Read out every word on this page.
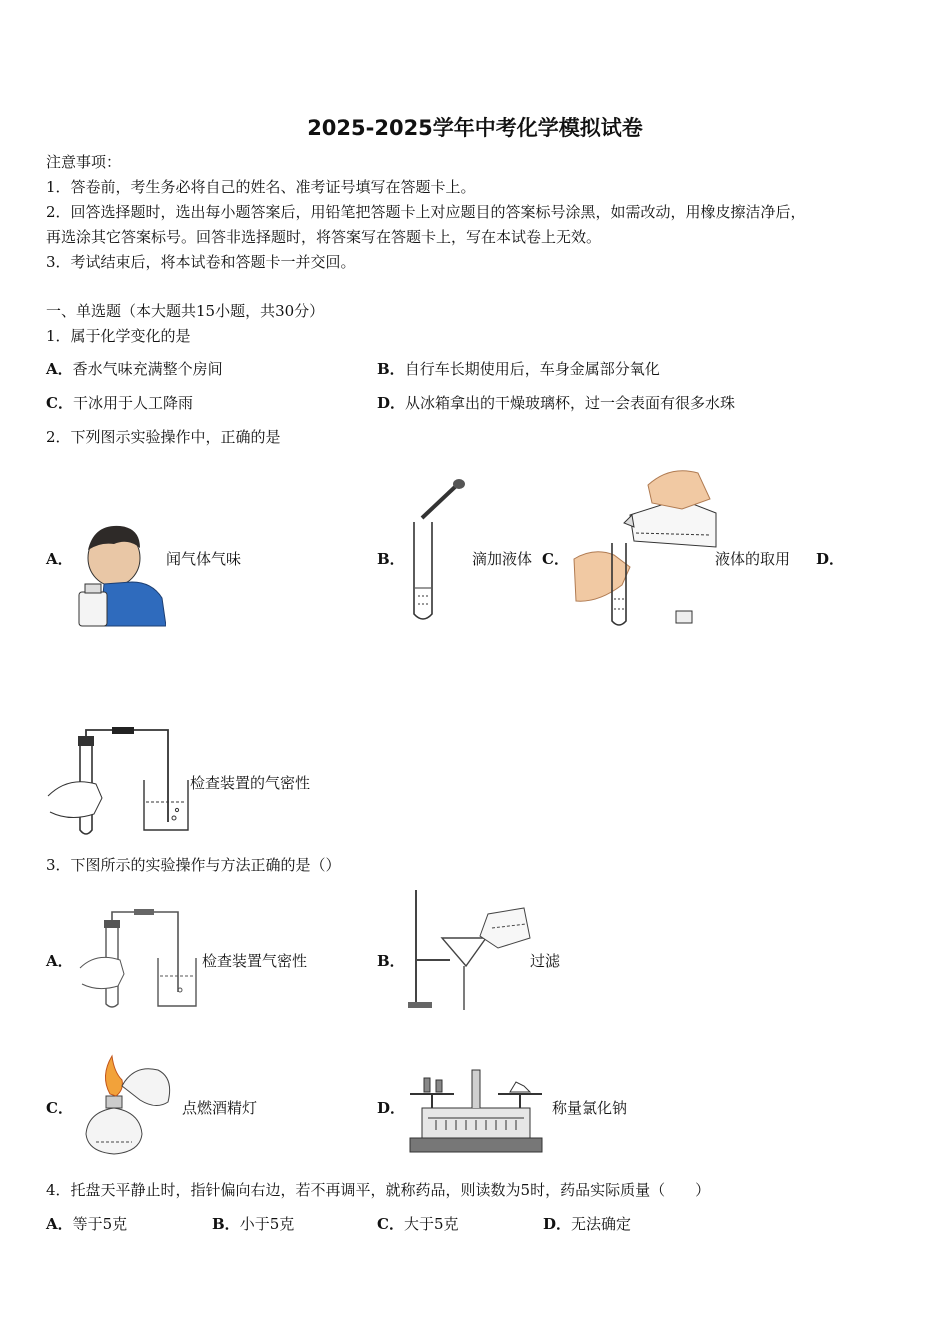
2025-2025学年中考化学模拟试卷
注意事项：
1．答卷前，考生务必将自己的姓名、准考证号填写在答题卡上。
2．回答选择题时，选出每小题答案后，用铅笔把答题卡上对应题目的答案标号涂黑，如需改动，用橡皮擦洁净后，
再选涂其它答案标号。回答非选择题时，将答案写在答题卡上，写在本试卷上无效。
3．考试结束后，将本试卷和答题卡一并交回。
一、单选题（本大题共15小题，共30分）
1．属于化学变化的是
A．香水气味充满整个房间	B．自行车长期使用后，车身金属部分氧化
C．干冰用于人工降雨	D．从冰箱拿出的干燥玻璃杯，过一会表面有很多水珠
2．下列图示实验操作中，正确的是
A．	闻气体气味	B．	滴加液体 C．	液体的取用 D．
检查装置的气密性
3．下图所示的实验操作与方法正确的是（）
A．	检查装置气密性	B．	过滤
C．	点燃酒精灯	D．	称量氯化钠
4．托盘天平静止时，指针偏向右边，若不再调平，就称药品，则读数为5时，药品实际质量（　　）
A．等于5克	B．小于5克	C．大于5克	D．无法确定
